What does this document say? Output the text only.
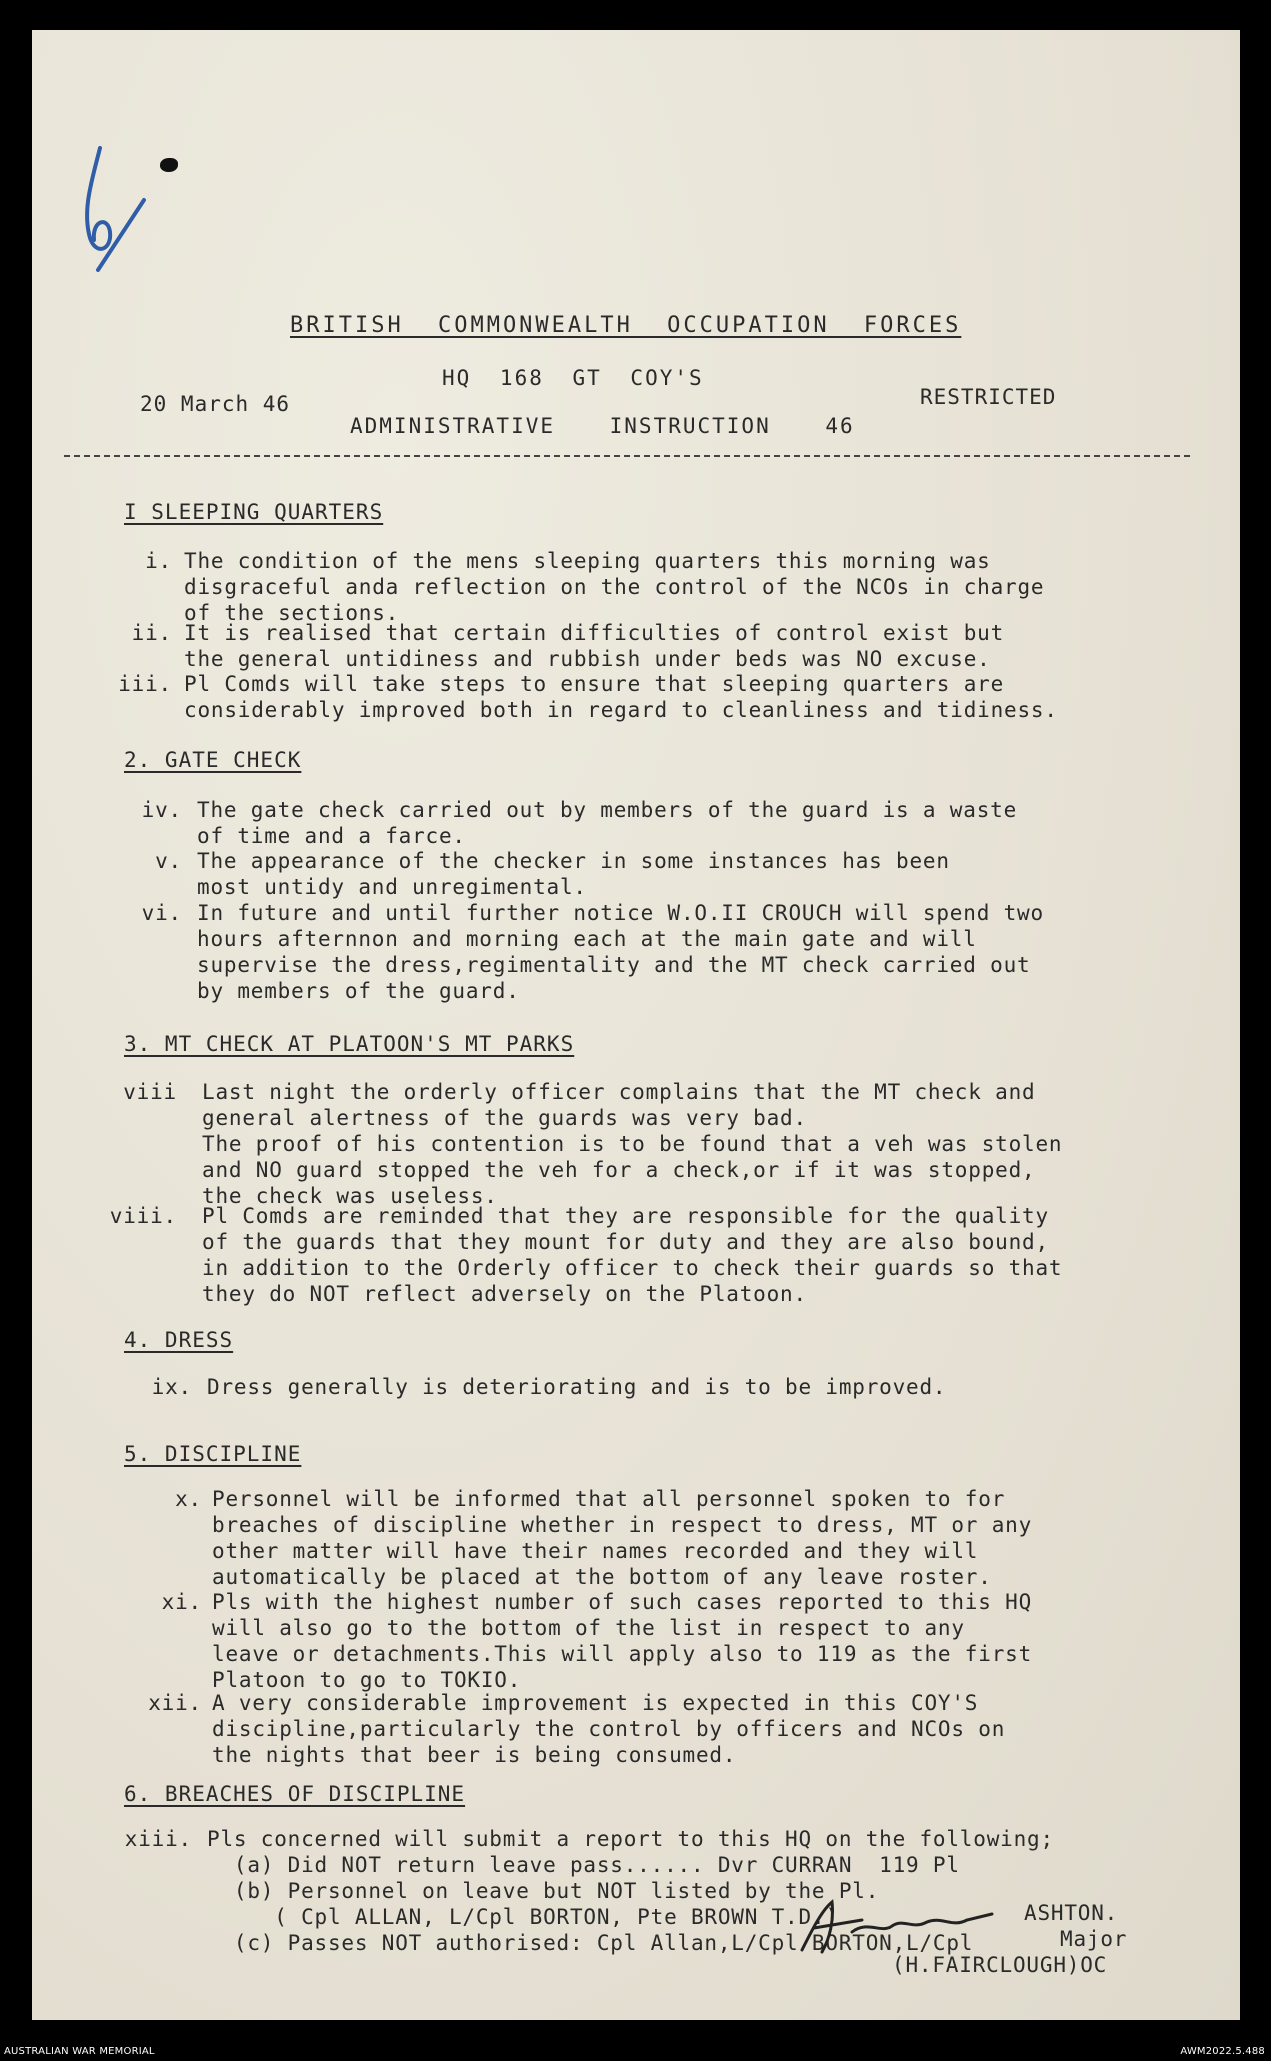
BRITISH COMMONWEALTH OCCUPATION FORCES
HQ 168 GT COY'S
20 March 46	RESTRICTED
ADMINISTRATIVE INSTRUCTION 46
I SLEEPING QUARTERS
i. The condition of the mens sleeping quarters this morning was
disgraceful anda reflection on the control of the NCOs in charge
of the sections.
ii. It is realised that certain difficulties of control exist but
the general untidiness and rubbish under beds was NO excuse.
iii. Pl Comds will take steps to ensure that sleeping quarters are
considerably improved both in regard to cleanliness and tidiness.
2. GATE CHECK
iv. The gate check carried out by members of the guard is a waste
of time and a farce.
v. The appearance of the checker in some instances has been
most untidy and unregimental.
vi. In future and until further notice W.O.II CROUCH will spend two
hours afternnon and morning each at the main gate and will
supervise the dress,regimentality and the MT check carried out
by members of the guard.
3. MT CHECK AT PLATOON'S MT PARKS
viii Last night the orderly officer complains that the MT check and
general alertness of the guards was very bad.
The proof of his contention is to be found that a veh was stolen
and NO guard stopped the veh for a check,or if it was stopped,
the check was useless.
viii. Pl Comds are reminded that they are responsible for the quality
of the guards that they mount for duty and they are also bound,
in addition to the Orderly officer to check their guards so that
they do NOT reflect adversely on the Platoon.
4. DRESS
ix. Dress generally is deteriorating and is to be improved.
5. DISCIPLINE
x. Personnel will be informed that all personnel spoken to for
breaches of discipline whether in respect to dress, MT or any
other matter will have their names recorded and they will
automatically be placed at the bottom of any leave roster.
xi. Pls with the highest number of such cases reported to this HQ
will also go to the bottom of the list in respect to any
leave or detachments.This will apply also to 119 as the first
Platoon to go to TOKIO.
xii. A very considerable improvement is expected in this COY'S
discipline,particularly the control by officers and NCOs on
the nights that beer is being consumed.
6. BREACHES OF DISCIPLINE
xiii. Pls concerned will submit a report to this HQ on the following;
(a) Did NOT return leave pass...... Dvr CURRAN  119 Pl
(b) Personnel on leave but NOT listed by the Pl.
( Cpl ALLAN, L/Cpl BORTON, Pte BROWN T.D.)
(c) Passes NOT authorised: Cpl Allan,L/Cpl BORTON,L/Cpl
ASHTON.
Major
(H.FAIRCLOUGH)OC
AUSTRALIAN WAR MEMORIAL	AWM2022.5.488
